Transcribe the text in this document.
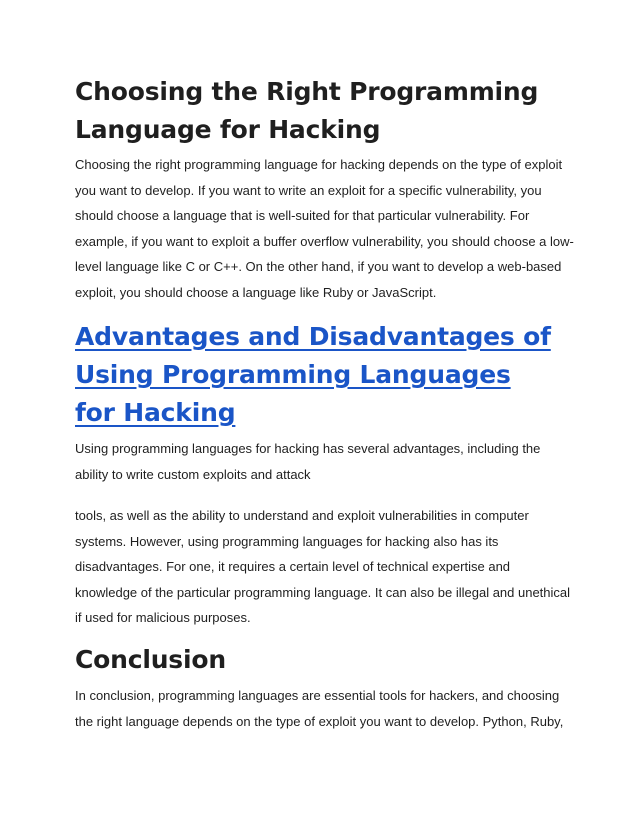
Choosing the Right Programming Language for Hacking

Choosing the right programming language for hacking depends on the type of exploit you want to develop. If you want to write an exploit for a specific vulnerability, you should choose a language that is well-suited for that particular vulnerability. For example, if you want to exploit a buffer overflow vulnerability, you should choose a low-level language like C or C++. On the other hand, if you want to develop a web-based exploit, you should choose a language like Ruby or JavaScript.

Advantages and Disadvantages of Using Programming Languages for Hacking

Using programming languages for hacking has several advantages, including the ability to write custom exploits and attack

tools, as well as the ability to understand and exploit vulnerabilities in computer systems. However, using programming languages for hacking also has its disadvantages. For one, it requires a certain level of technical expertise and knowledge of the particular programming language. It can also be illegal and unethical if used for malicious purposes.

Conclusion

In conclusion, programming languages are essential tools for hackers, and choosing the right language depends on the type of exploit you want to develop. Python, Ruby,
